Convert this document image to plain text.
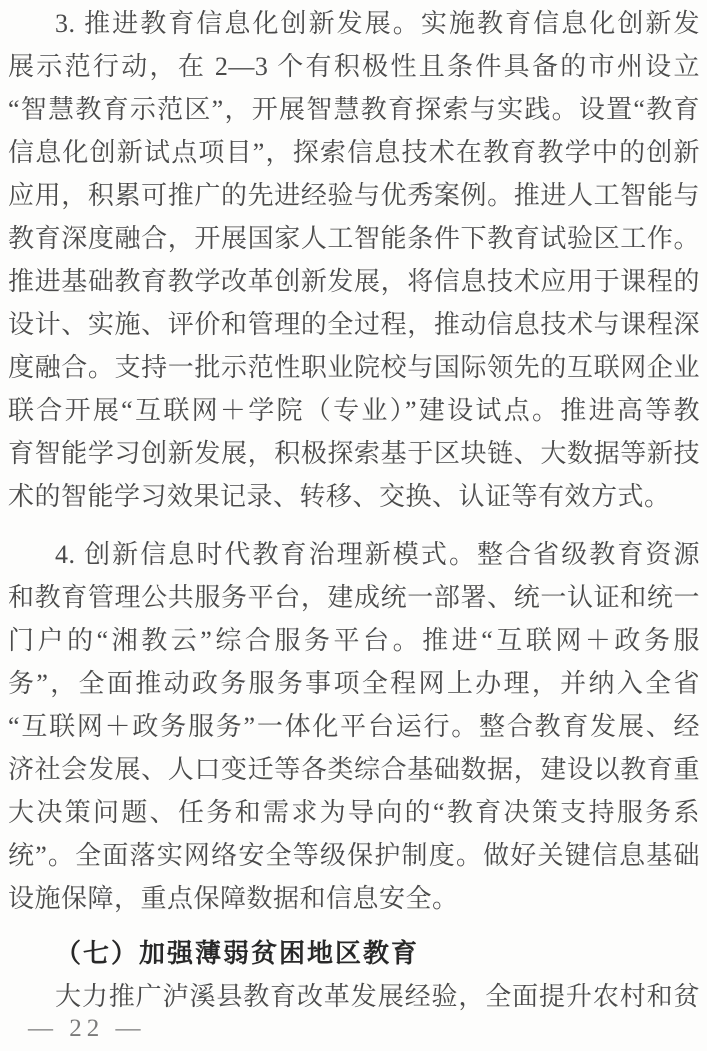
3. 推进教育信息化创新发展。实施教育信息化创新发
展示范行动，在 2—3 个有积极性且条件具备的市州设立
“智慧教育示范区”，开展智慧教育探索与实践。设置“教育
信息化创新试点项目”，探索信息技术在教育教学中的创新
应用，积累可推广的先进经验与优秀案例。推进人工智能与
教育深度融合，开展国家人工智能条件下教育试验区工作。
推进基础教育教学改革创新发展，将信息技术应用于课程的
设计、实施、评价和管理的全过程，推动信息技术与课程深
度融合。支持一批示范性职业院校与国际领先的互联网企业
联合开展“互联网＋学院（专业）”建设试点。推进高等教
育智能学习创新发展，积极探索基于区块链、大数据等新技
术的智能学习效果记录、转移、交换、认证等有效方式。
4. 创新信息时代教育治理新模式。整合省级教育资源
和教育管理公共服务平台，建成统一部署、统一认证和统一
门户的“湘教云”综合服务平台。推进“互联网＋政务服
务”，全面推动政务服务事项全程网上办理，并纳入全省
“互联网＋政务服务”一体化平台运行。整合教育发展、经
济社会发展、人口变迁等各类综合基础数据，建设以教育重
大决策问题、任务和需求为导向的“教育决策支持服务系
统”。全面落实网络安全等级保护制度。做好关键信息基础
设施保障，重点保障数据和信息安全。
（七）加强薄弱贫困地区教育
大力推广泸溪县教育改革发展经验，全面提升农村和贫
— 22 —
